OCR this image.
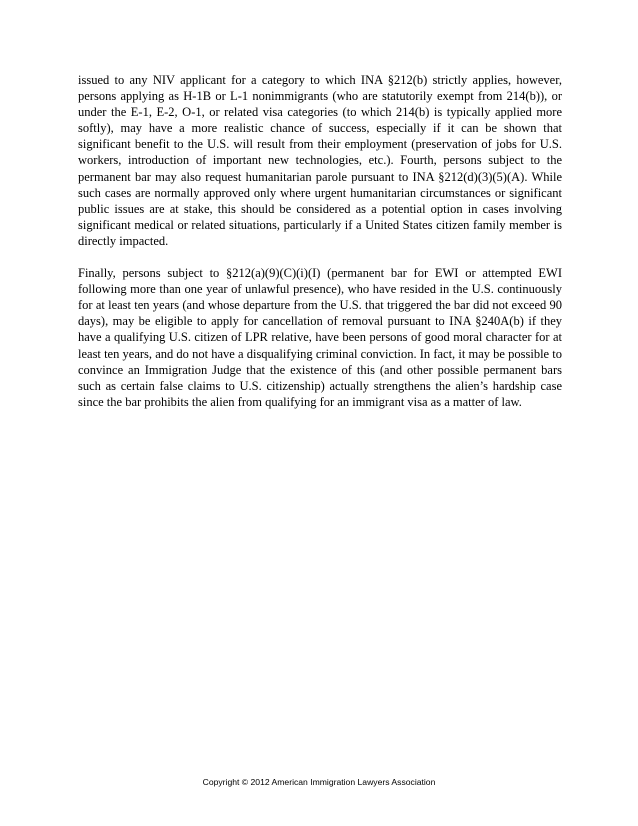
issued to any NIV applicant for a category to which INA §212(b) strictly applies, however, persons applying as H-1B or L-1 nonimmigrants (who are statutorily exempt from 214(b)), or under the E-1, E-2, O-1, or related visa categories (to which 214(b) is typically applied more softly), may have a more realistic chance of success, especially if it can be shown that significant benefit to the U.S. will result from their employment (preservation of jobs for U.S. workers, introduction of important new technologies, etc.). Fourth, persons subject to the permanent bar may also request humanitarian parole pursuant to INA §212(d)(3)(5)(A). While such cases are normally approved only where urgent humanitarian circumstances or significant public issues are at stake, this should be considered as a potential option in cases involving significant medical or related situations, particularly if a United States citizen family member is directly impacted.

Finally, persons subject to §212(a)(9)(C)(i)(I) (permanent bar for EWI or attempted EWI following more than one year of unlawful presence), who have resided in the U.S. continuously for at least ten years (and whose departure from the U.S. that triggered the bar did not exceed 90 days), may be eligible to apply for cancellation of removal pursuant to INA §240A(b) if they have a qualifying U.S. citizen of LPR relative, have been persons of good moral character for at least ten years, and do not have a disqualifying criminal conviction. In fact, it may be possible to convince an Immigration Judge that the existence of this (and other possible permanent bars such as certain false claims to U.S. citizenship) actually strengthens the alien’s hardship case since the bar prohibits the alien from qualifying for an immigrant visa as a matter of law.

Copyright © 2012 American Immigration Lawyers Association
